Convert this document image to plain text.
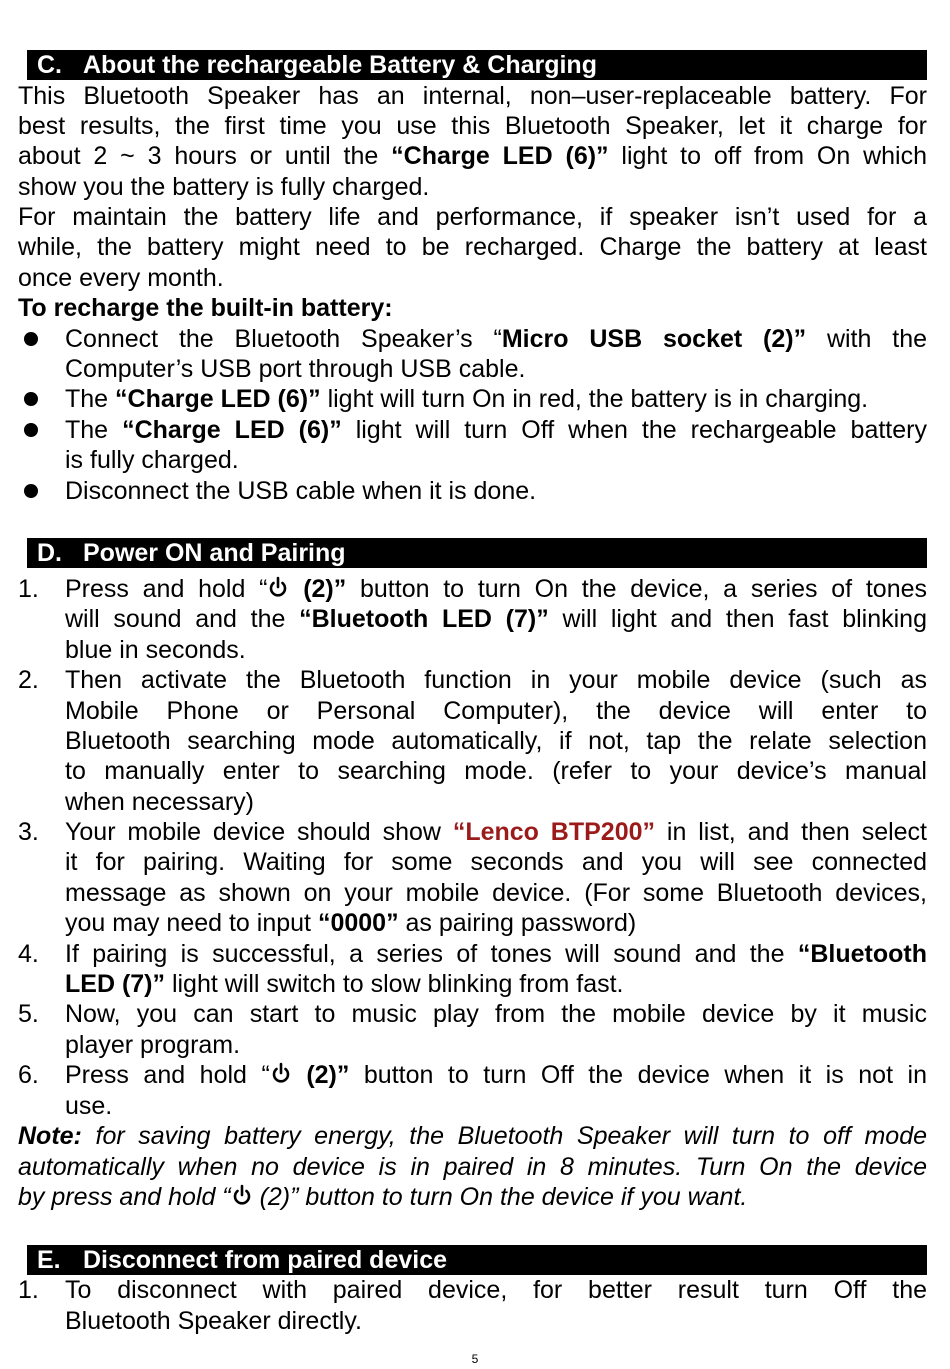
C. About the rechargeable Battery & Charging
This Bluetooth Speaker has an internal, non–user-replaceable battery. For
best results, the first time you use this Bluetooth Speaker, let it charge for
about 2 ~ 3 hours or until the “Charge LED (6)” light to off from On which
show you the battery is fully charged.
For maintain the battery life and performance, if speaker isn’t used for a
while, the battery might need to be recharged. Charge the battery at least
once every month.
To recharge the built-in battery:
Connect the Bluetooth Speaker’s “Micro USB socket (2)” with the
Computer’s USB port through USB cable.
The “Charge LED (6)” light will turn On in red, the battery is in charging.
The “Charge LED (6)” light will turn Off when the rechargeable battery
is fully charged.
Disconnect the USB cable when it is done.
D. Power ON and Pairing
1. Press and hold “ (2)” button to turn On the device, a series of tones
will sound and the “Bluetooth LED (7)” will light and then fast blinking
blue in seconds.
2. Then activate the Bluetooth function in your mobile device (such as
Mobile Phone or Personal Computer), the device will enter to
Bluetooth searching mode automatically, if not, tap the relate selection
to manually enter to searching mode. (refer to your device’s manual
when necessary)
3. Your mobile device should show “Lenco BTP200” in list, and then select
it for pairing. Waiting for some seconds and you will see connected
message as shown on your mobile device. (For some Bluetooth devices,
you may need to input “0000” as pairing password)
4. If pairing is successful, a series of tones will sound and the “Bluetooth
LED (7)” light will switch to slow blinking from fast.
5. Now, you can start to music play from the mobile device by it music
player program.
6. Press and hold “ (2)” button to turn Off the device when it is not in
use.
Note: for saving battery energy, the Bluetooth Speaker will turn to off mode
automatically when no device is in paired in 8 minutes. Turn On the device
by press and hold “ (2)” button to turn On the device if you want.
E. Disconnect from paired device
1. To disconnect with paired device, for better result turn Off the
Bluetooth Speaker directly.
5
